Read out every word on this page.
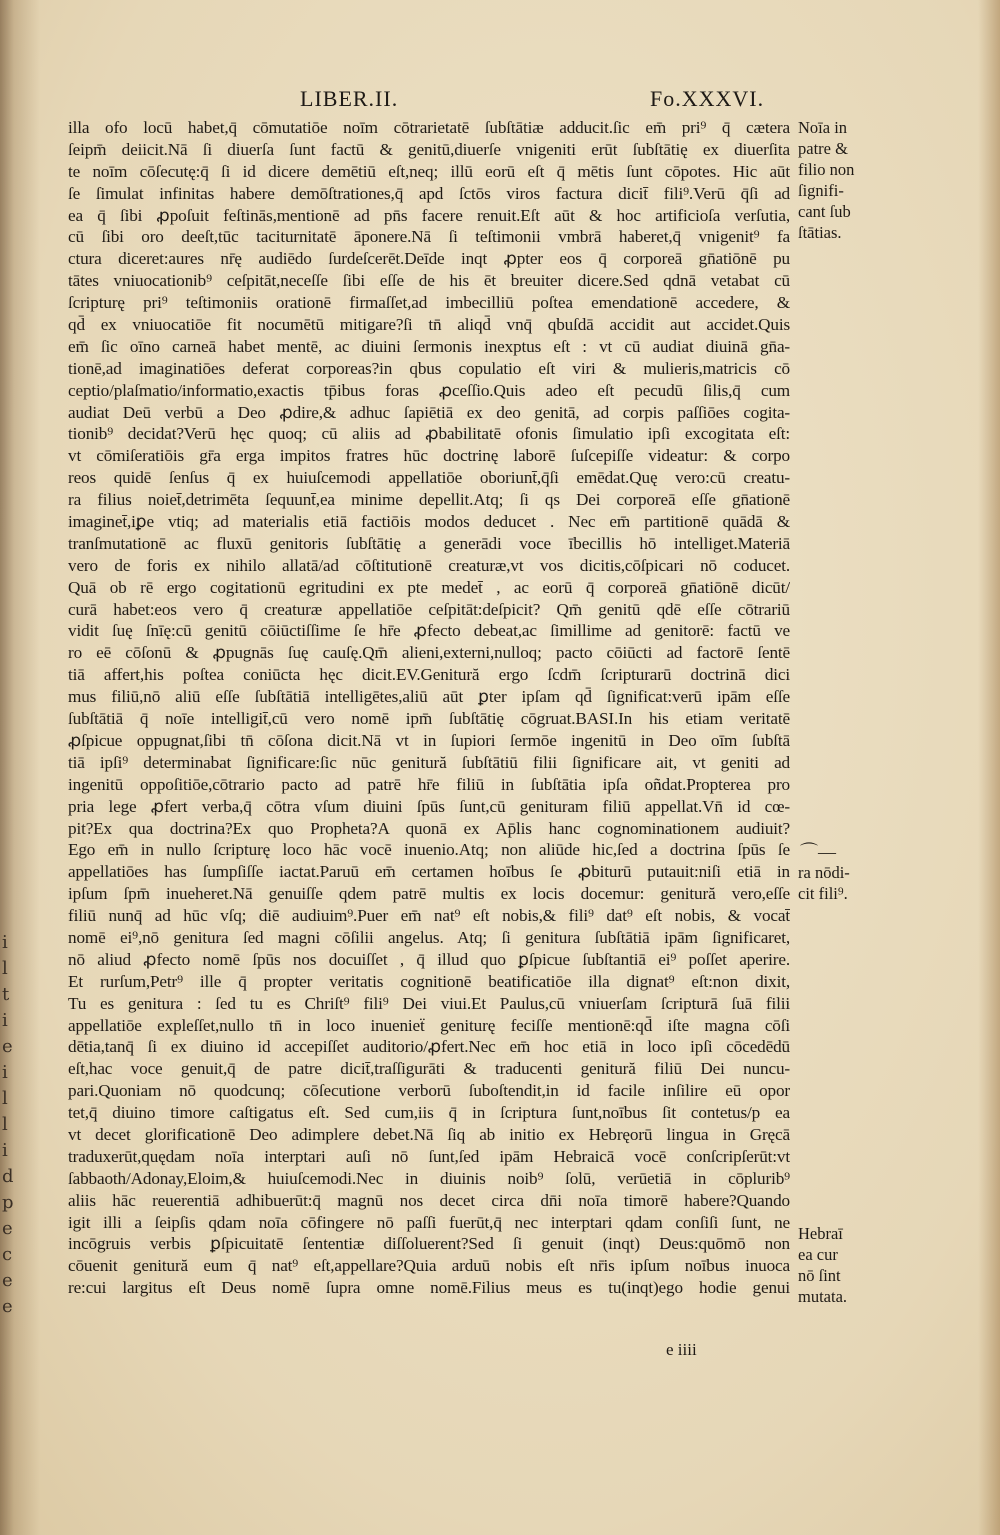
i
l
t
i
e
i
l
l
i
d
p
e
c
e
e
LIBER.II.	Fo.XXXVI.
illa ofo locū habet,q̄ cōmutatiōe noīm cōtrarietatē ſubſtātiæ adducit.ſic em̄ pri⁹ q̄ cætera
ſeipm̄ deiicit.Nā ſi diuerſa ſunt factū & genitū,diuerſe vnigeniti erūt ſubſtātię ex diuerſita
te noīm cōſecutę:q̄ ſi id dicere demētiū eſt,neq; illū eorū eſt q̄ mētis ſunt cōpotes. Hic aūt
ſe ſimulat infinitas habere demōſtrationes,q̄ apd ſctōs viros factura dicit̄ fili⁹.Verū q̄ſi ad
ea q̄ ſibi ꝓpoſuit feſtinās,mentionē ad pn̄s facere renuit.Eſt aūt & hoc artificioſa verſutia,
cū ſibi oro deeſt,tūc taciturnitatē āponere.Nā ſi teſtimonii vmbrā haberet,q̄ vnigenit⁹ fa
ctura diceret:aures nr̄ę audiēdo ſurdeſcerēt.Deīde inqt ꝓpter eos q̄ corporeā gn̄atiōnē pu
tātes vniuocationib⁹ ceſpitāt,neceſſe ſibi eſſe de his ēt breuiter dicere.Sed qdnā vetabat cū
ſcripturę pri⁹ teſtimoniis orationē firmaſſet,ad imbecilliū poſtea emendationē accedere, &
qd̄ ex vniuocatiōe fit nocumētū mitigare?ſi tn̄ aliqd̄ vnq̄ qbuſdā accidit aut accidet.Quis
em̄ ſic oīno carneā habet mentē, ac diuini ſermonis inexptus eſt : vt cū audiat diuinā gn̄a-
tionē,ad imaginatiōes deferat corporeas?in qbus copulatio eſt viri & mulieris,matricis cō
ceptio/plaſmatio/informatio,exactis tp̄ibus foras ꝓceſſio.Quis adeo eſt pecudū ſilis,q̄ cum
audiat Deū verbū a Deo ꝓdire,& adhuc ſapiētiā ex deo genitā, ad corpis paſſiōes cogita-
tionib⁹ decidat?Verū hęc quoq; cū aliis ad ꝓbabilitatē ofonis ſimulatio ipſi excogitata eſt:
vt cōmiſeratiōis gr̄a erga impitos fratres hūc doctrinę laborē ſuſcepiſſe videatur: & corpo
reos quidē ſenſus q̄ ex huiuſcemodi appellatiōe oboriunt̄,q̄ſi emēdat.Quę vero:cū creatu-
ra filius noiet̄,detrimēta ſequunt̄,ea minime depellit.Atq; ſi qs Dei corporeā eſſe gn̄ationē
imaginet̄,iꝑe vtiq; ad materialis etiā factiōis modos deducet . Nec em̄ partitionē quādā &
tranſmutationē ac fluxū genitoris ſubſtātię a generādi voce ībecillis hō intelliget.Materiā
vero de foris ex nihilo allatā/ad cōſtitutionē creaturæ,vt vos dicitis,cōſpicari nō coducet.
Quā ob rē ergo cogitationū egritudini ex pte medet̄ , ac eorū q̄ corporeā gn̄atiōnē dicūt/
curā habet:eos vero q̄ creaturæ appellatiōe ceſpitāt:deſpicit? Qm̄ genitū qdē eſſe cōtrariū
vidit ſuę ſnīę:cū genitū cōiūctiſſime ſe hr̄e ꝓfecto debeat,ac ſimillime ad genitorē: factū ve
ro eē cōſonū & ꝓpugnās ſuę cauſę.Qm̄ alieni,externi,nulloq; pacto cōiūcti ad factorē ſentē
tiā affert,his poſtea coniūcta hęc dicit.EV.Genitură ergo ſcdm̄ ſcripturarū doctrinā dici
mus filiū,nō aliū eſſe ſubſtātiā intelligētes,aliū aūt ꝑter ipſam qd̄ ſignificat:verū ipām eſſe
ſubſtātiā q̄ noīe intelligit̄,cū vero nomē ipm̄ ſubſtātię cōgruat.BASI.In his etiam veritatē
ꝓſpicue oppugnat,ſibi tn̄ cōſona dicit.Nā vt in ſupiori ſermōe ingenitū in Deo oīm ſubſtā
tiā ipſi⁹ determinabat ſignificare:ſic nūc genitură ſubſtātiū filii ſignificare ait, vt geniti ad
ingenitū oppoſitiōe,cōtrario pacto ad patrē hr̄e filiū in ſubſtātia ipſa oñdat.Propterea pro
pria lege ꝓfert verba,q̄ cōtra vſum diuini ſpūs ſunt,cū genituram filiū appellat.Vn̄ id cœ-
pit?Ex qua doctrina?Ex quo Propheta?A quonā ex Ap̄lis hanc cognominationem audiuit?
Ego em̄ in nullo ſcripturę loco hāc vocē inuenio.Atq; non aliūde hic,ſed a doctrina ſpūs ſe
appellatiōes has ſumpſiſſe iactat.Paruū em̄ certamen hoībus ſe ꝓbiturū putauit:niſi etiā in
ipſum ſpm̄ inueheret.Nā genuiſſe qdem patrē multis ex locis docemur: genitură vero,eſſe
filiū nunq̄ ad hūc vſq; diē audiuim⁹.Puer em̄ nat⁹ eſt nobis,& fili⁹ dat⁹ eſt nobis, & vocat̄
nomē ei⁹,nō genitura ſed magni cōſilii angelus. Atq; ſi genitura ſubſtātiā ipām ſignificaret,
nō aliud ꝓfecto nomē ſpūs nos docuiſſet , q̄ illud quo ꝑſpicue ſubſtantiā ei⁹ poſſet aperire.
Et rurſum,Petr⁹ ille q̄ propter veritatis cognitionē beatificatiōe illa dignat⁹ eſt:non dixit,
Tu es genitura : ſed tu es Chriſt⁹ fili⁹ Dei viui.Et Paulus,cū vniuerſam ſcripturā ſuā filii
appellatiōe expleſſet,nullo tn̄ in loco inuenieẗ geniturę feciſſe mentionē:qd̄ iſte magna cōſi
dētia,tanq̄ ſi ex diuino id accepiſſet auditorio/ꝓfert.Nec em̄ hoc etiā in loco ipſi cōcedēdū
eſt,hac voce genuit,q̄ de patre dicit̄,traſſigurāti & traducenti genitură filiū Dei nuncu-
pari.Quoniam nō quodcunq; cōſecutione verborū ſuboſtendit,in id facile inſilire eū opor
tet,q̄ diuino timore caſtigatus eſt. Sed cum,iis q̄ in ſcriptura ſunt,noībus ſit contetus/p ea
vt decet glorificationē Deo adimplere debet.Nā ſiq ab initio ex Hebręorū lingua in Gręcā
traduxerūt,quędam noīa interptari auſi nō ſunt,ſed ipām Hebraicā vocē conſcripſerūt:vt
ſabbaoth/Adonay,Eloim,& huiuſcemodi.Nec in diuinis noib⁹ ſolū, verūetiā in cōplurib⁹
aliis hāc reuerentiā adhibuerūt:q̄ magnū nos decet circa dn̄i noīa timorē habere?Quando
igit illi a ſeipſis qdam noīa cōfingere nō paſſi fuerūt,q̄ nec interptari qdam conſiſi ſunt, ne
incōgruis verbis ꝑſpicuitatē ſententiæ diſſoluerent?Sed ſi genuit (inqt) Deus:quōmō non
cōuenit genitură eum q̄ nat⁹ eſt,appellare?Quia arduū nobis eſt nr̄is ipſum noībus inuoca
re:cui largitus eſt Deus nomē ſupra omne nomē.Filius meus es tu(inqt)ego hodie genui
Noīa in
patre &
filio non
ſignifi-
cant ſub
ſtātias.
⌒—
ra nōdi-
cit fili⁹.
Hebraī
ea cur
nō ſint
mutata.
e iiii
